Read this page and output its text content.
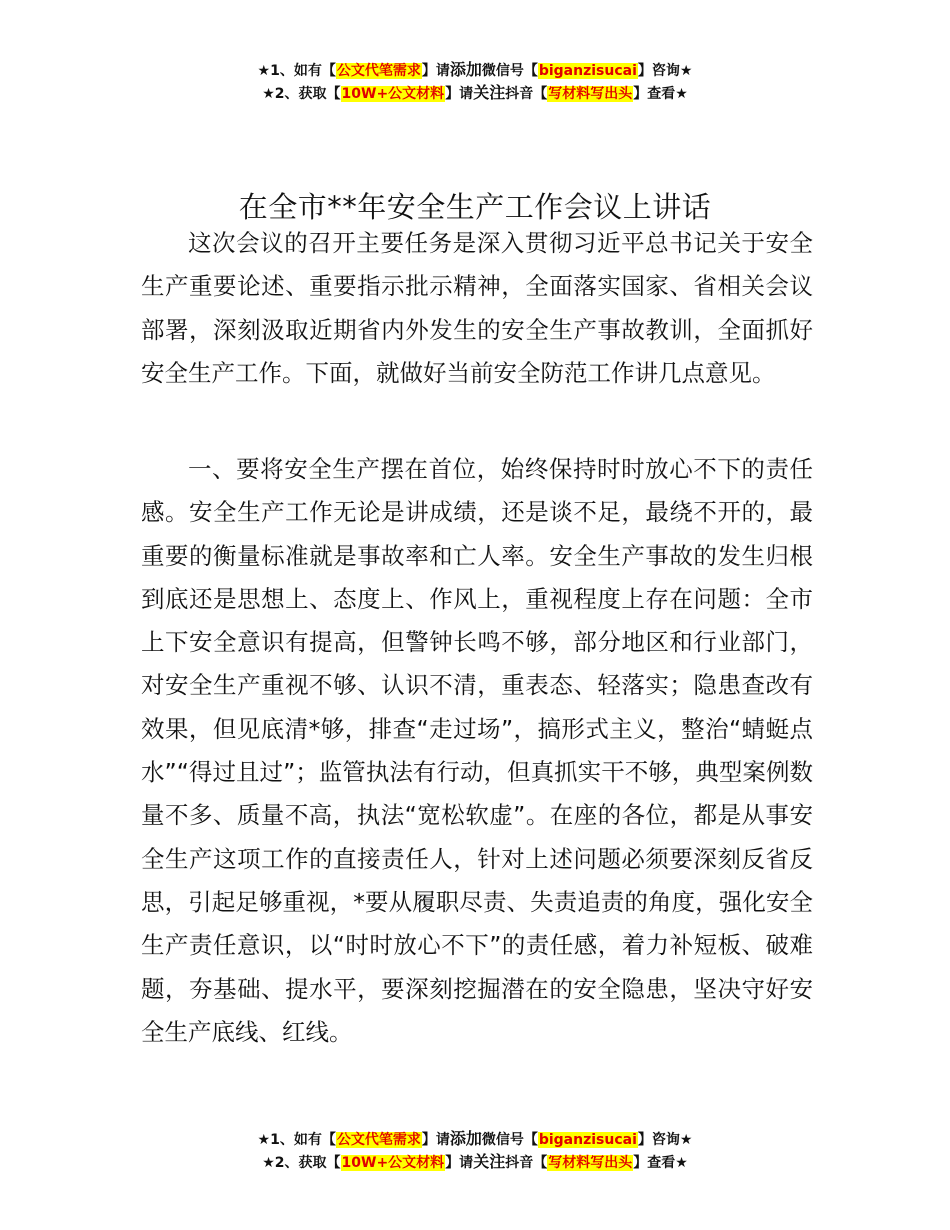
★1、如有【公文代笔需求】请添加微信号【biganzisucai】咨询★
★2、获取【10W+公文材料】请关注抖音【写材料写出头】查看★
在全市**年安全生产工作会议上讲话

这次会议的召开主要任务是深入贯彻习近平总书记关于安全生产重要论述、重要指示批示精神，全面落实国家、省相关会议部署，深刻汲取近期省内外发生的安全生产事故教训，全面抓好安全生产工作。下面，就做好当前安全防范工作讲几点意见。

一、要将安全生产摆在首位，始终保持时时放心不下的责任感。安全生产工作无论是讲成绩，还是谈不足，最绕不开的，最重要的衡量标准就是事故率和亡人率。安全生产事故的发生归根到底还是思想上、态度上、作风上，重视程度上存在问题：全市上下安全意识有提高，但警钟长鸣不够，部分地区和行业部门，对安全生产重视不够、认识不清，重表态、轻落实；隐患查改有效果，但见底清*够，排查“走过场”，搞形式主义，整治“蜻蜓点水”“得过且过”；监管执法有行动，但真抓实干不够，典型案例数量不多、质量不高，执法“宽松软虚”。在座的各位，都是从事安全生产这项工作的直接责任人，针对上述问题必须要深刻反省反思，引起足够重视，*要从履职尽责、失责追责的角度，强化安全生产责任意识，以“时时放心不下”的责任感，着力补短板、破难题，夯基础、提水平，要深刻挖掘潜在的安全隐患，坚决守好安全生产底线、红线。

★1、如有【公文代笔需求】请添加微信号【biganzisucai】咨询★
★2、获取【10W+公文材料】请关注抖音【写材料写出头】查看★
